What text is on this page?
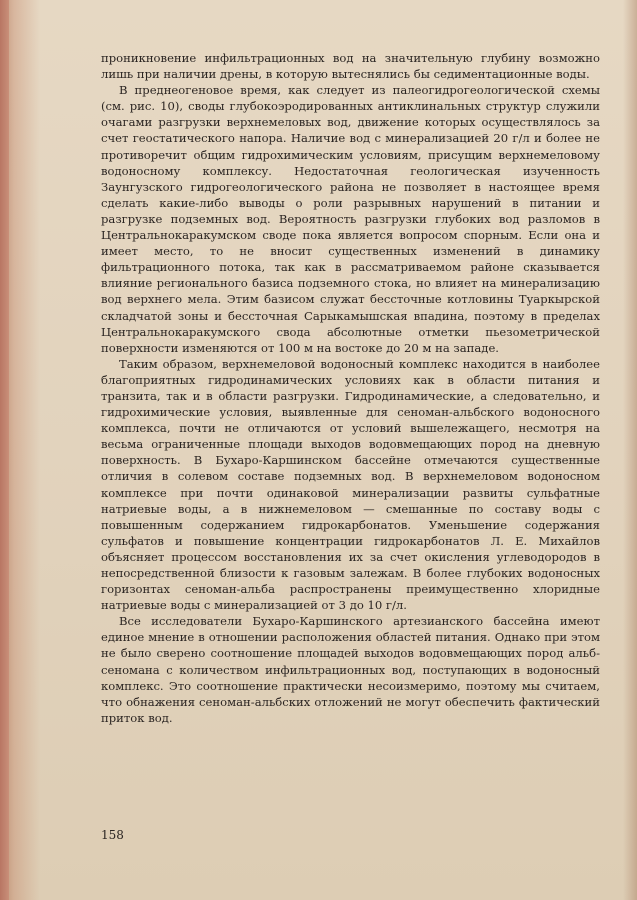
проникновение инфильтрационных вод на значительную глубину возможно лишь при наличии дрены, в которую вытеснялись бы седиментационные воды.

В преднеогеновое время, как следует из палеогидрогеологической схемы (см. рис. 10), своды глубокоэродированных антиклинальных структур служили очагами разгрузки верхнемеловых вод, движение которых осуществлялось за счет геостатического напора. Наличие вод с минерализацией 20 г/л и более не противоречит общим гидрохимическим условиям, присущим верхнемеловому водоносному комплексу. Недостаточная геологическая изученность Заунгузского гидрогеологического района не позволяет в настоящее время сделать какие-либо выводы о роли разрывных нарушений в питании и разгрузке подземных вод. Вероятность разгрузки глубоких вод разломов в Центральнокаракумском своде пока является вопросом спорным. Если она и имеет место, то не вносит существенных изменений в динамику фильтрационного потока, так как в рассматриваемом районе сказывается влияние регионального базиса подземного стока, но влияет на минерализацию вод верхнего мела. Этим базисом служат бессточные котловины Туаркырской складчатой зоны и бессточная Сарыкамышская впадина, поэтому в пределах Центральнокаракумского свода абсолютные отметки пьезометрической поверхности изменяются от 100 м на востоке до 20 м на западе.

Таким образом, верхнемеловой водоносный комплекс находится в наиболее благоприятных гидродинамических условиях как в области питания и транзита, так и в области разгрузки. Гидродинамические, а следовательно, и гидрохимические условия, выявленные для сеноман-альбского водоносного комплекса, почти не отличаются от условий вышележащего, несмотря на весьма ограниченные площади выходов водовмещающих пород на дневную поверхность. В Бухаро-Каршинском бассейне отмечаются существенные отличия в солевом составе подземных вод. В верхнемеловом водоносном комплексе при почти одинаковой минерализации развиты сульфатные натриевые воды, а в нижнемеловом — смешанные по составу воды с повышенным содержанием гидрокарбонатов. Уменьшение содержания сульфатов и повышение концентрации гидрокарбонатов Л. Е. Михайлов объясняет процессом восстановления их за счет окисления углеводородов в непосредственной близости к газовым залежам. В более глубоких водоносных горизонтах сеноман-альба распространены преимущественно хлоридные натриевые воды с минерализацией от 3 до 10 г/л.

Все исследователи Бухаро-Каршинского артезианского бассейна имеют единое мнение в отношении расположения областей питания. Однако при этом не было сверено соотношение площадей выходов водовмещающих пород альб-сеномана с количеством инфильтрационных вод, поступающих в водоносный комплекс. Это соотношение практически несоизмеримо, поэтому мы считаем, что обнажения сеноман-альбских отложений не могут обеспечить фактический приток вод.

158
